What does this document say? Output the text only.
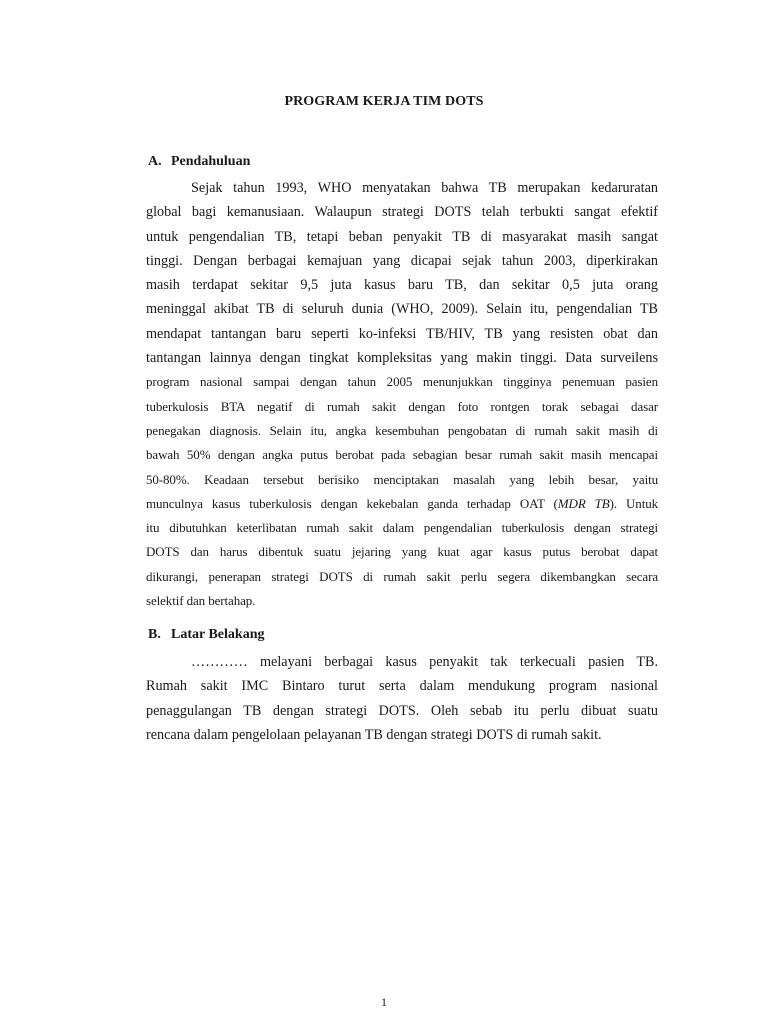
PROGRAM KERJA TIM DOTS
A. Pendahuluan
Sejak tahun 1993, WHO menyatakan bahwa TB merupakan kedaruratan
global bagi kemanusiaan. Walaupun strategi DOTS telah terbukti sangat efektif
untuk pengendalian TB, tetapi beban penyakit TB di masyarakat masih sangat
tinggi. Dengan berbagai kemajuan yang dicapai sejak tahun 2003, diperkirakan
masih terdapat sekitar 9,5 juta kasus baru TB, dan sekitar 0,5 juta orang
meninggal akibat TB di seluruh dunia (WHO, 2009). Selain itu, pengendalian TB
mendapat tantangan baru seperti ko-infeksi TB/HIV, TB yang resisten obat dan
tantangan lainnya dengan tingkat kompleksitas yang makin tinggi. Data surveilens
program nasional sampai dengan tahun 2005 menunjukkan tingginya penemuan pasien
tuberkulosis BTA negatif di rumah sakit dengan foto rontgen torak sebagai dasar
penegakan diagnosis. Selain itu, angka kesembuhan pengobatan di rumah sakit masih di
bawah 50% dengan angka putus berobat pada sebagian besar rumah sakit masih mencapai
50-80%. Keadaan tersebut berisiko menciptakan masalah yang lebih besar, yaitu
munculnya kasus tuberkulosis dengan kekebalan ganda terhadap OAT (MDR TB). Untuk
itu dibutuhkan keterlibatan rumah sakit dalam pengendalian tuberkulosis dengan strategi
DOTS dan harus dibentuk suatu jejaring yang kuat agar kasus putus berobat dapat
dikurangi, penerapan strategi DOTS di rumah sakit perlu segera dikembangkan secara
selektif dan bertahap.
B. Latar Belakang
………… melayani berbagai kasus penyakit tak terkecuali pasien TB.
Rumah sakit IMC Bintaro turut serta dalam mendukung program nasional
penaggulangan TB dengan strategi DOTS. Oleh sebab itu perlu dibuat suatu
rencana dalam pengelolaan pelayanan TB dengan strategi DOTS di rumah sakit.
1
